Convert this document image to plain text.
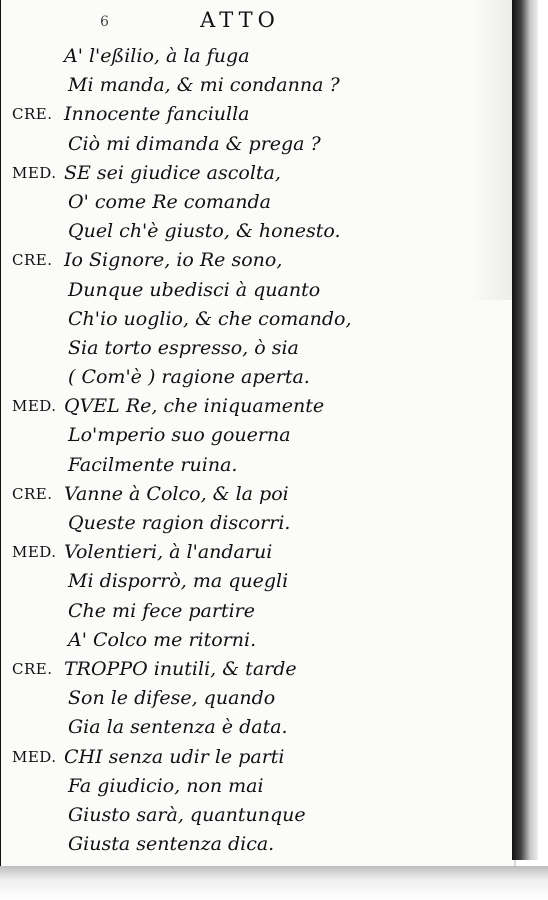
6	ATTO
A' l'eßilio, à la fuga
Mi manda, & mi condanna ?
CRE. Innocente fanciulla
Ciò mi dimanda & prega ?
MED. SE sei giudice ascolta,
O' come Re comanda
Quel ch'è giusto, & honesto.
CRE. Io Signore, io Re sono,
Dunque ubedisci à quanto
Ch'io uoglio, & che comando,
Sia torto espresso, ò sia
( Com'è ) ragione aperta.
MED. QVEL Re, che iniquamente
Lo'mperio suo gouerna
Facilmente ruina.
CRE. Vanne à Colco, & la poi
Queste ragion discorri.
MED. Volentieri, à l'andarui
Mi disporrò, ma quegli
Che mi fece partire
A' Colco me ritorni.
CRE. TROPPO inutili, & tarde
Son le difese, quando
Gia la sentenza è data.
MED. CHI senza udir le parti
Fa giudicio, non mai
Giusto sarà, quantunque
Giusta sentenza dica.
